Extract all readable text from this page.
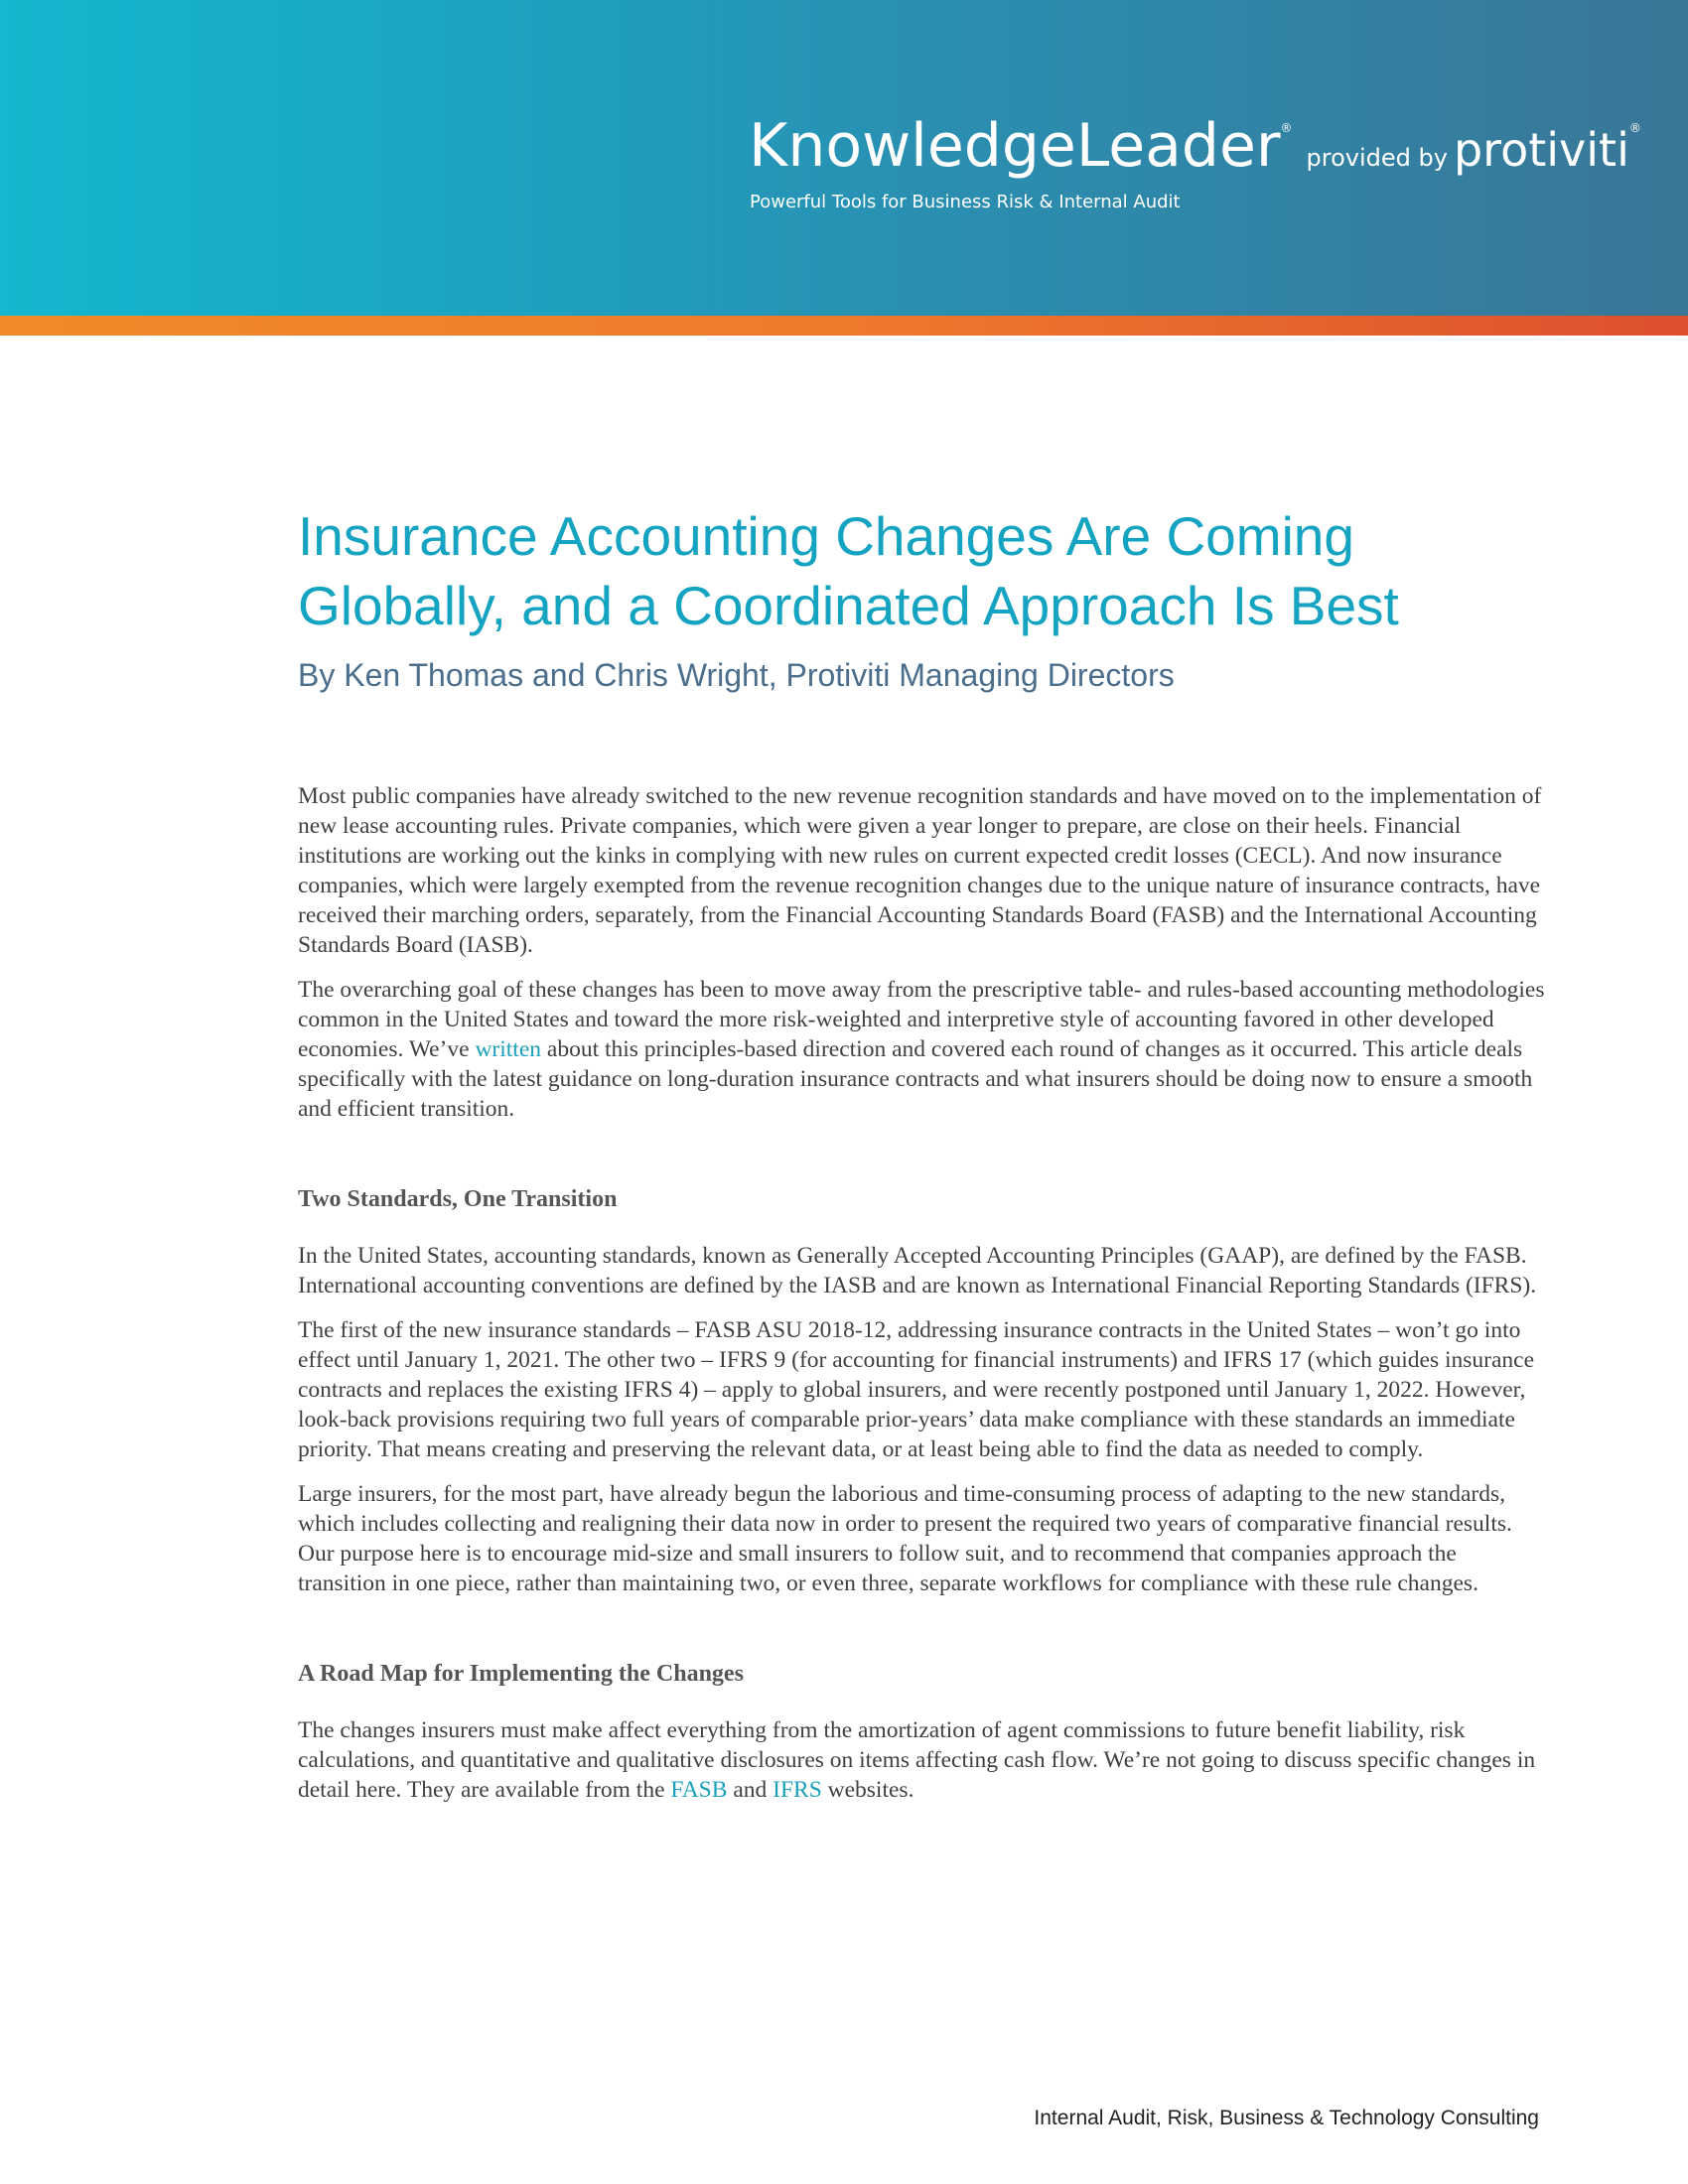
KnowledgeLeader®provided by protiviti®
Powerful Tools for Business Risk & Internal Audit
Insurance Accounting Changes Are Coming Globally, and a Coordinated Approach Is Best
By Ken Thomas and Chris Wright, Protiviti Managing Directors

Most public companies have already switched to the new revenue recognition standards and have moved on to the implementation of new lease accounting rules. Private companies, which were given a year longer to prepare, are close on their heels. Financial institutions are working out the kinks in complying with new rules on current expected credit losses (CECL). And now insurance companies, which were largely exempted from the revenue recognition changes due to the unique nature of insurance contracts, have received their marching orders, separately, from the Financial Accounting Standards Board (FASB) and the International Accounting Standards Board (IASB).

The overarching goal of these changes has been to move away from the prescriptive table- and rules-based accounting methodologies common in the United States and toward the more risk-weighted and interpretive style of accounting favored in other developed economies. We’ve written about this principles-based direction and covered each round of changes as it occurred. This article deals specifically with the latest guidance on long-duration insurance contracts and what insurers should be doing now to ensure a smooth and efficient transition.

Two Standards, One Transition

In the United States, accounting standards, known as Generally Accepted Accounting Principles (GAAP), are defined by the FASB. International accounting conventions are defined by the IASB and are known as International Financial Reporting Standards (IFRS).

The first of the new insurance standards – FASB ASU 2018-12, addressing insurance contracts in the United States – won’t go into effect until January 1, 2021. The other two – IFRS 9 (for accounting for financial instruments) and IFRS 17 (which guides insurance contracts and replaces the existing IFRS 4) – apply to global insurers, and were recently postponed until January 1, 2022. However, look-back provisions requiring two full years of comparable prior-years’ data make compliance with these standards an immediate priority. That means creating and preserving the relevant data, or at least being able to find the data as needed to comply.

Large insurers, for the most part, have already begun the laborious and time-consuming process of adapting to the new standards, which includes collecting and realigning their data now in order to present the required two years of comparative financial results. Our purpose here is to encourage mid-size and small insurers to follow suit, and to recommend that companies approach the transition in one piece, rather than maintaining two, or even three, separate workflows for compliance with these rule changes.

A Road Map for Implementing the Changes

The changes insurers must make affect everything from the amortization of agent commissions to future benefit liability, risk calculations, and quantitative and qualitative disclosures on items affecting cash flow. We’re not going to discuss specific changes in detail here. They are available from the FASB and IFRS websites.

Internal Audit, Risk, Business & Technology Consulting
